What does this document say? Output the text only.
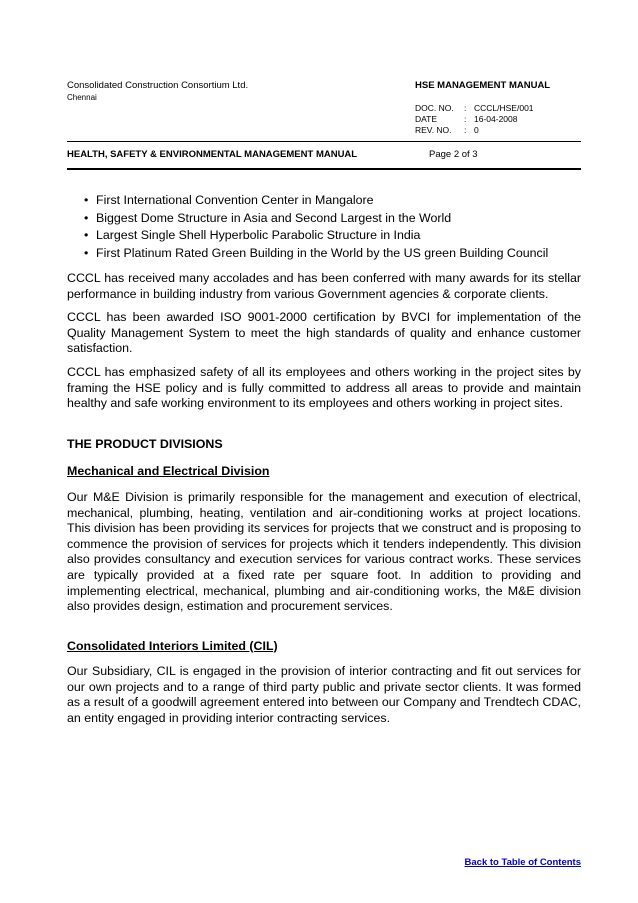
Consolidated Construction Consortium Ltd.
Chennai
HSE MANAGEMENT MANUAL
DOC. NO.	: CCCL/HSE/001
DATE	: 16-04-2008
REV. NO.	: 0
HEALTH, SAFETY & ENVIRONMENTAL MANAGEMENT MANUAL	Page 2 of 3
• First International Convention Center in Mangalore
• Biggest Dome Structure in Asia and Second Largest in the World
• Largest Single Shell Hyperbolic Parabolic Structure in India
• First Platinum Rated Green Building in the World by the US green Building Council

CCCL has received many accolades and has been conferred with many awards for its stellar performance in building industry from various Government agencies & corporate clients.

CCCL has been awarded ISO 9001-2000 certification by BVCI for implementation of the Quality Management System to meet the high standards of quality and enhance customer satisfaction.

CCCL has emphasized safety of all its employees and others working in the project sites by framing the HSE policy and is fully committed to address all areas to provide and maintain healthy and safe working environment to its employees and others working in project sites.

THE PRODUCT DIVISIONS
Mechanical and Electrical Division

Our M&E Division is primarily responsible for the management and execution of electrical, mechanical, plumbing, heating, ventilation and air-conditioning works at project locations. This division has been providing its services for projects that we construct and is proposing to commence the provision of services for projects which it tenders independently. This division also provides consultancy and execution services for various contract works. These services are typically provided at a fixed rate per square foot. In addition to providing and implementing electrical, mechanical, plumbing and air-conditioning works, the M&E division also provides design, estimation and procurement services.

Consolidated Interiors Limited (CIL)

Our Subsidiary, CIL is engaged in the provision of interior contracting and fit out services for our own projects and to a range of third party public and private sector clients. It was formed as a result of a goodwill agreement entered into between our Company and Trendtech CDAC, an entity engaged in providing interior contracting services.

Back to Table of Contents
